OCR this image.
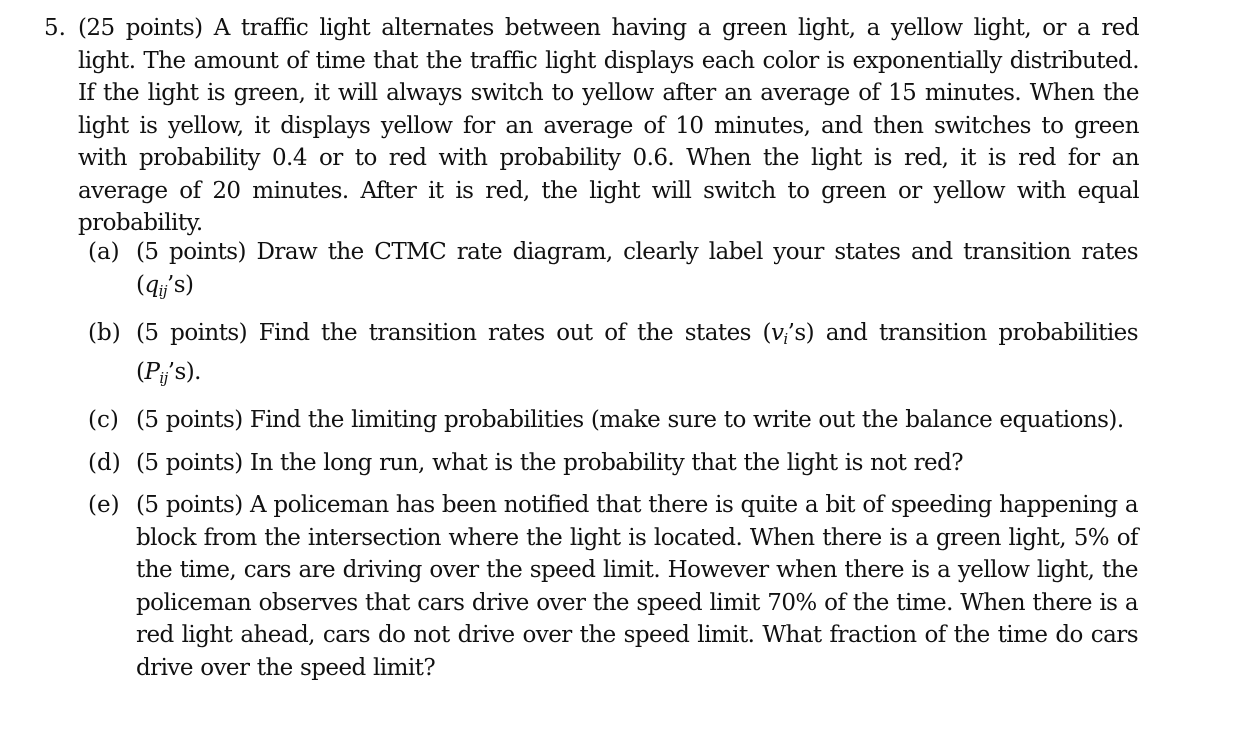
5. (25 points) A traffic light alternates between having a green light, a yellow light, or a red light. The amount of time that the traffic light displays each color is exponentially distributed. If the light is green, it will always switch to yellow after an average of 15 minutes. When the light is yellow, it displays yellow for an average of 10 minutes, and then switches to green with probability 0.4 or to red with probability 0.6. When the light is red, it is red for an average of 20 minutes. After it is red, the light will switch to green or yellow with equal probability.
(a) (5 points) Draw the CTMC rate diagram, clearly label your states and transition rates $(q_{ij}’s)$
(b) (5 points) Find the transition rates out of the states $(v_i’s)$ and transition probabilities $(P_{ij}’s)$.
(c) (5 points) Find the limiting probabilities (make sure to write out the balance equations).
(d) (5 points) In the long run, what is the probability that the light is not red?
(e) (5 points) A policeman has been notified that there is quite a bit of speeding happening a block from the intersection where the light is located. When there is a green light, 5% of the time, cars are driving over the speed limit. However when there is a yellow light, the policeman observes that cars drive over the speed limit 70% of the time. When there is a red light ahead, cars do not drive over the speed limit. What fraction of the time do cars drive over the speed limit?
